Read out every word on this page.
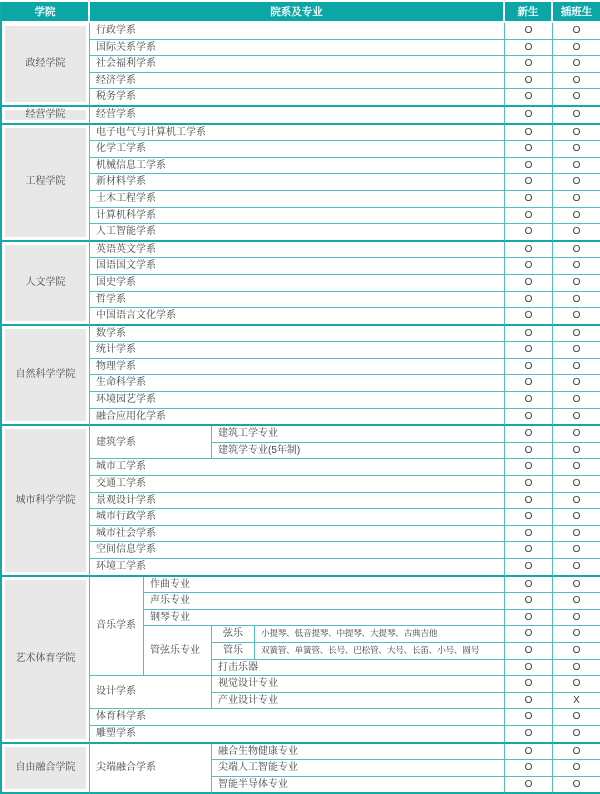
学院	院系及专业				新生	插班生
政经学院	行政学系				O	O
	国际关系学系				O	O
	社会福利学系				O	O
	经济学系				O	O
	税务学系				O	O
经营学院	经营学系				O	O
工程学院	电子电气与计算机工学系				O	O
	化学工学系				O	O
	机械信息工学系				O	O
	新材料学系				O	O
	土木工程学系				O	O
	计算机科学系				O	O
	人工智能学系				O	O
人文学院	英语英文学系				O	O
	国语国文学系				O	O
	国史学系				O	O
	哲学系				O	O
	中国语言文化学系				O	O
自然科学学院	数学系				O	O
	统计学系				O	O
	物理学系				O	O
	生命科学系				O	O
	环境园艺学系				O	O
	融合应用化学系				O	O
城市科学学院	建筑学系		建筑工学专业		O	O
			建筑学专业(5年制)		O	O
	城市工学系				O	O
	交通工学系				O	O
	景观设计学系				O	O
	城市行政学系				O	O
	城市社会学系				O	O
	空间信息学系				O	O
	环境工学系				O	O
艺术体育学院	音乐学系	作曲专业			O	O
		声乐专业			O	O
		钢琴专业			O	O
		管弦乐专业	弦乐	小提琴、低音提琴、中提琴、大提琴、古典吉他	O	O
			管乐	双簧管、单簧管、长号、巴松管、大号、长笛、小号、圆号	O	O
			打击乐器		O	O
	设计学系		视觉设计专业		O	O
			产业设计专业		O	X
	体育科学系				O	O
	雕塑学系				O	O
自由融合学院	尖端融合学系		融合生物健康专业		O	O
			尖端人工智能专业		O	O
			智能半导体专业		O	O
